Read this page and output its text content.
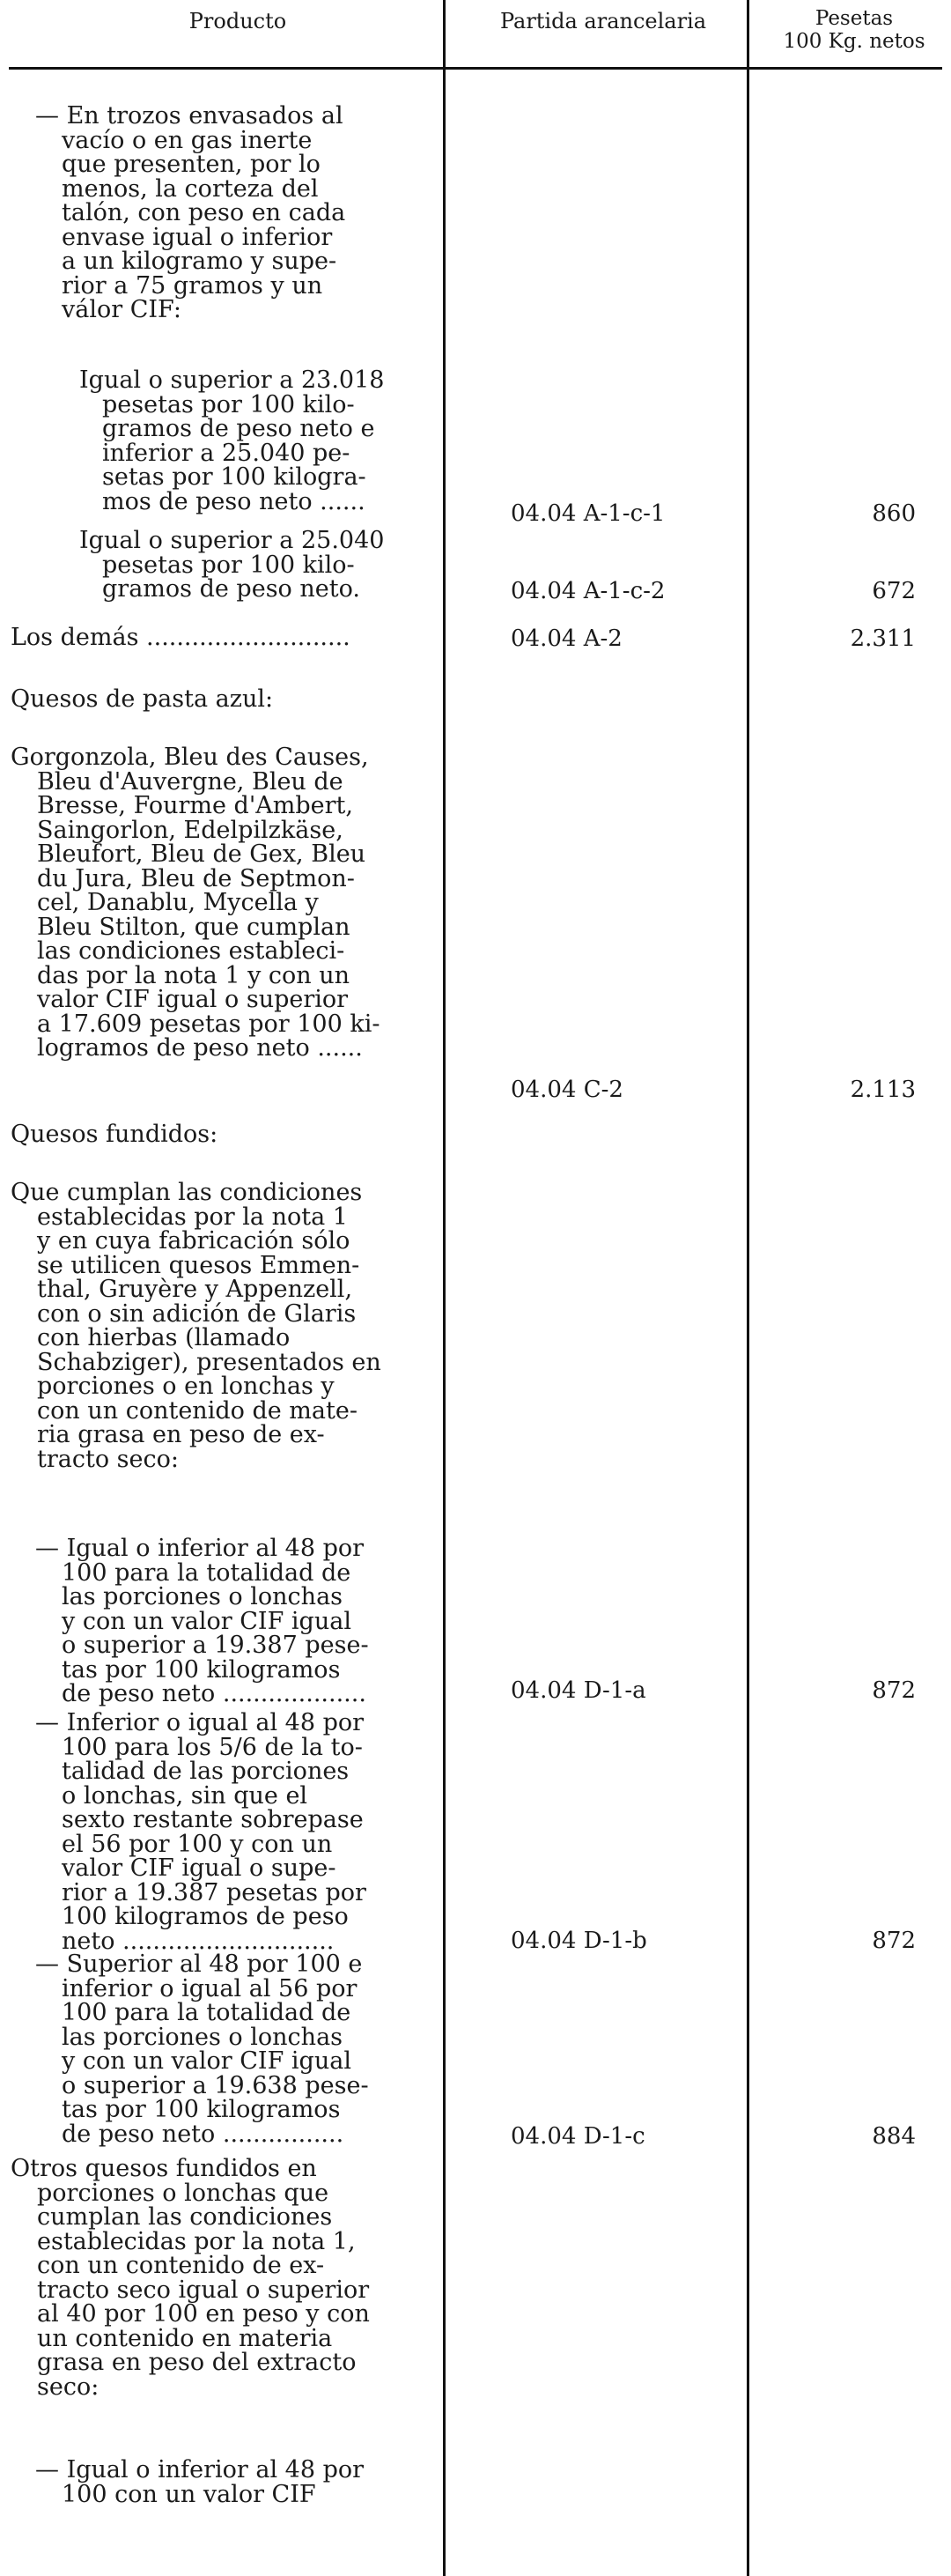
Producto	Partida arancelaria	Pesetas
100 Kg. netos
— En trozos envasados al
vacío o en gas inerte
que presenten, por lo
menos, la corteza del
talón, con peso en cada
envase igual o inferior
a un kilogramo y supe-
rior a 75 gramos y un
válor CIF:
Igual o superior a 23.018
pesetas por 100 kilo-
gramos de peso neto e
inferior a 25.040 pe-
setas por 100 kilogra-
mos de peso neto ......	04.04 A-1-c-1	860
Igual o superior a 25.040
pesetas por 100 kilo-
gramos de peso neto.	04.04 A-1-c-2	672
Los demás ...........................	04.04 A-2	2.311
Quesos de pasta azul:
Gorgonzola, Bleu des Causes,
Bleu d'Auvergne, Bleu de
Bresse, Fourme d'Ambert,
Saingorlon, Edelpilzkäse,
Bleufort, Bleu de Gex, Bleu
du Jura, Bleu de Septmon-
cel, Danablu, Mycella y
Bleu Stilton, que cumplan
las condiciones estableci-
das por la nota 1 y con un
valor CIF igual o superior
a 17.609 pesetas por 100 ki-
logramos de peso neto ......
04.04 C-2	2.113
Quesos fundidos:
Que cumplan las condiciones
establecidas por la nota 1
y en cuya fabricación sólo
se utilicen quesos Emmen-
thal, Gruyère y Appenzell,
con o sin adición de Glaris
con hierbas (llamado
Schabziger), presentados en
porciones o en lonchas y
con un contenido de mate-
ria grasa en peso de ex-
tracto seco:
— Igual o inferior al 48 por
100 para la totalidad de
las porciones o lonchas
y con un valor CIF igual
o superior a 19.387 pese-
tas por 100 kilogramos
de peso neto ...................	04.04 D-1-a	872
— Inferior o igual al 48 por
100 para los 5/6 de la to-
talidad de las porciones
o lonchas, sin que el
sexto restante sobrepase
el 56 por 100 y con un
valor CIF igual o supe-
rior a 19.387 pesetas por
100 kilogramos de peso
neto ............................	04.04 D-1-b	872
— Superior al 48 por 100 e
inferior o igual al 56 por
100 para la totalidad de
las porciones o lonchas
y con un valor CIF igual
o superior a 19.638 pese-
tas por 100 kilogramos
de peso neto ................	04.04 D-1-c	884
Otros quesos fundidos en
porciones o lonchas que
cumplan las condiciones
establecidas por la nota 1,
con un contenido de ex-
tracto seco igual o superior
al 40 por 100 en peso y con
un contenido en materia
grasa en peso del extracto
seco:
— Igual o inferior al 48 por
100 con un valor CIF
